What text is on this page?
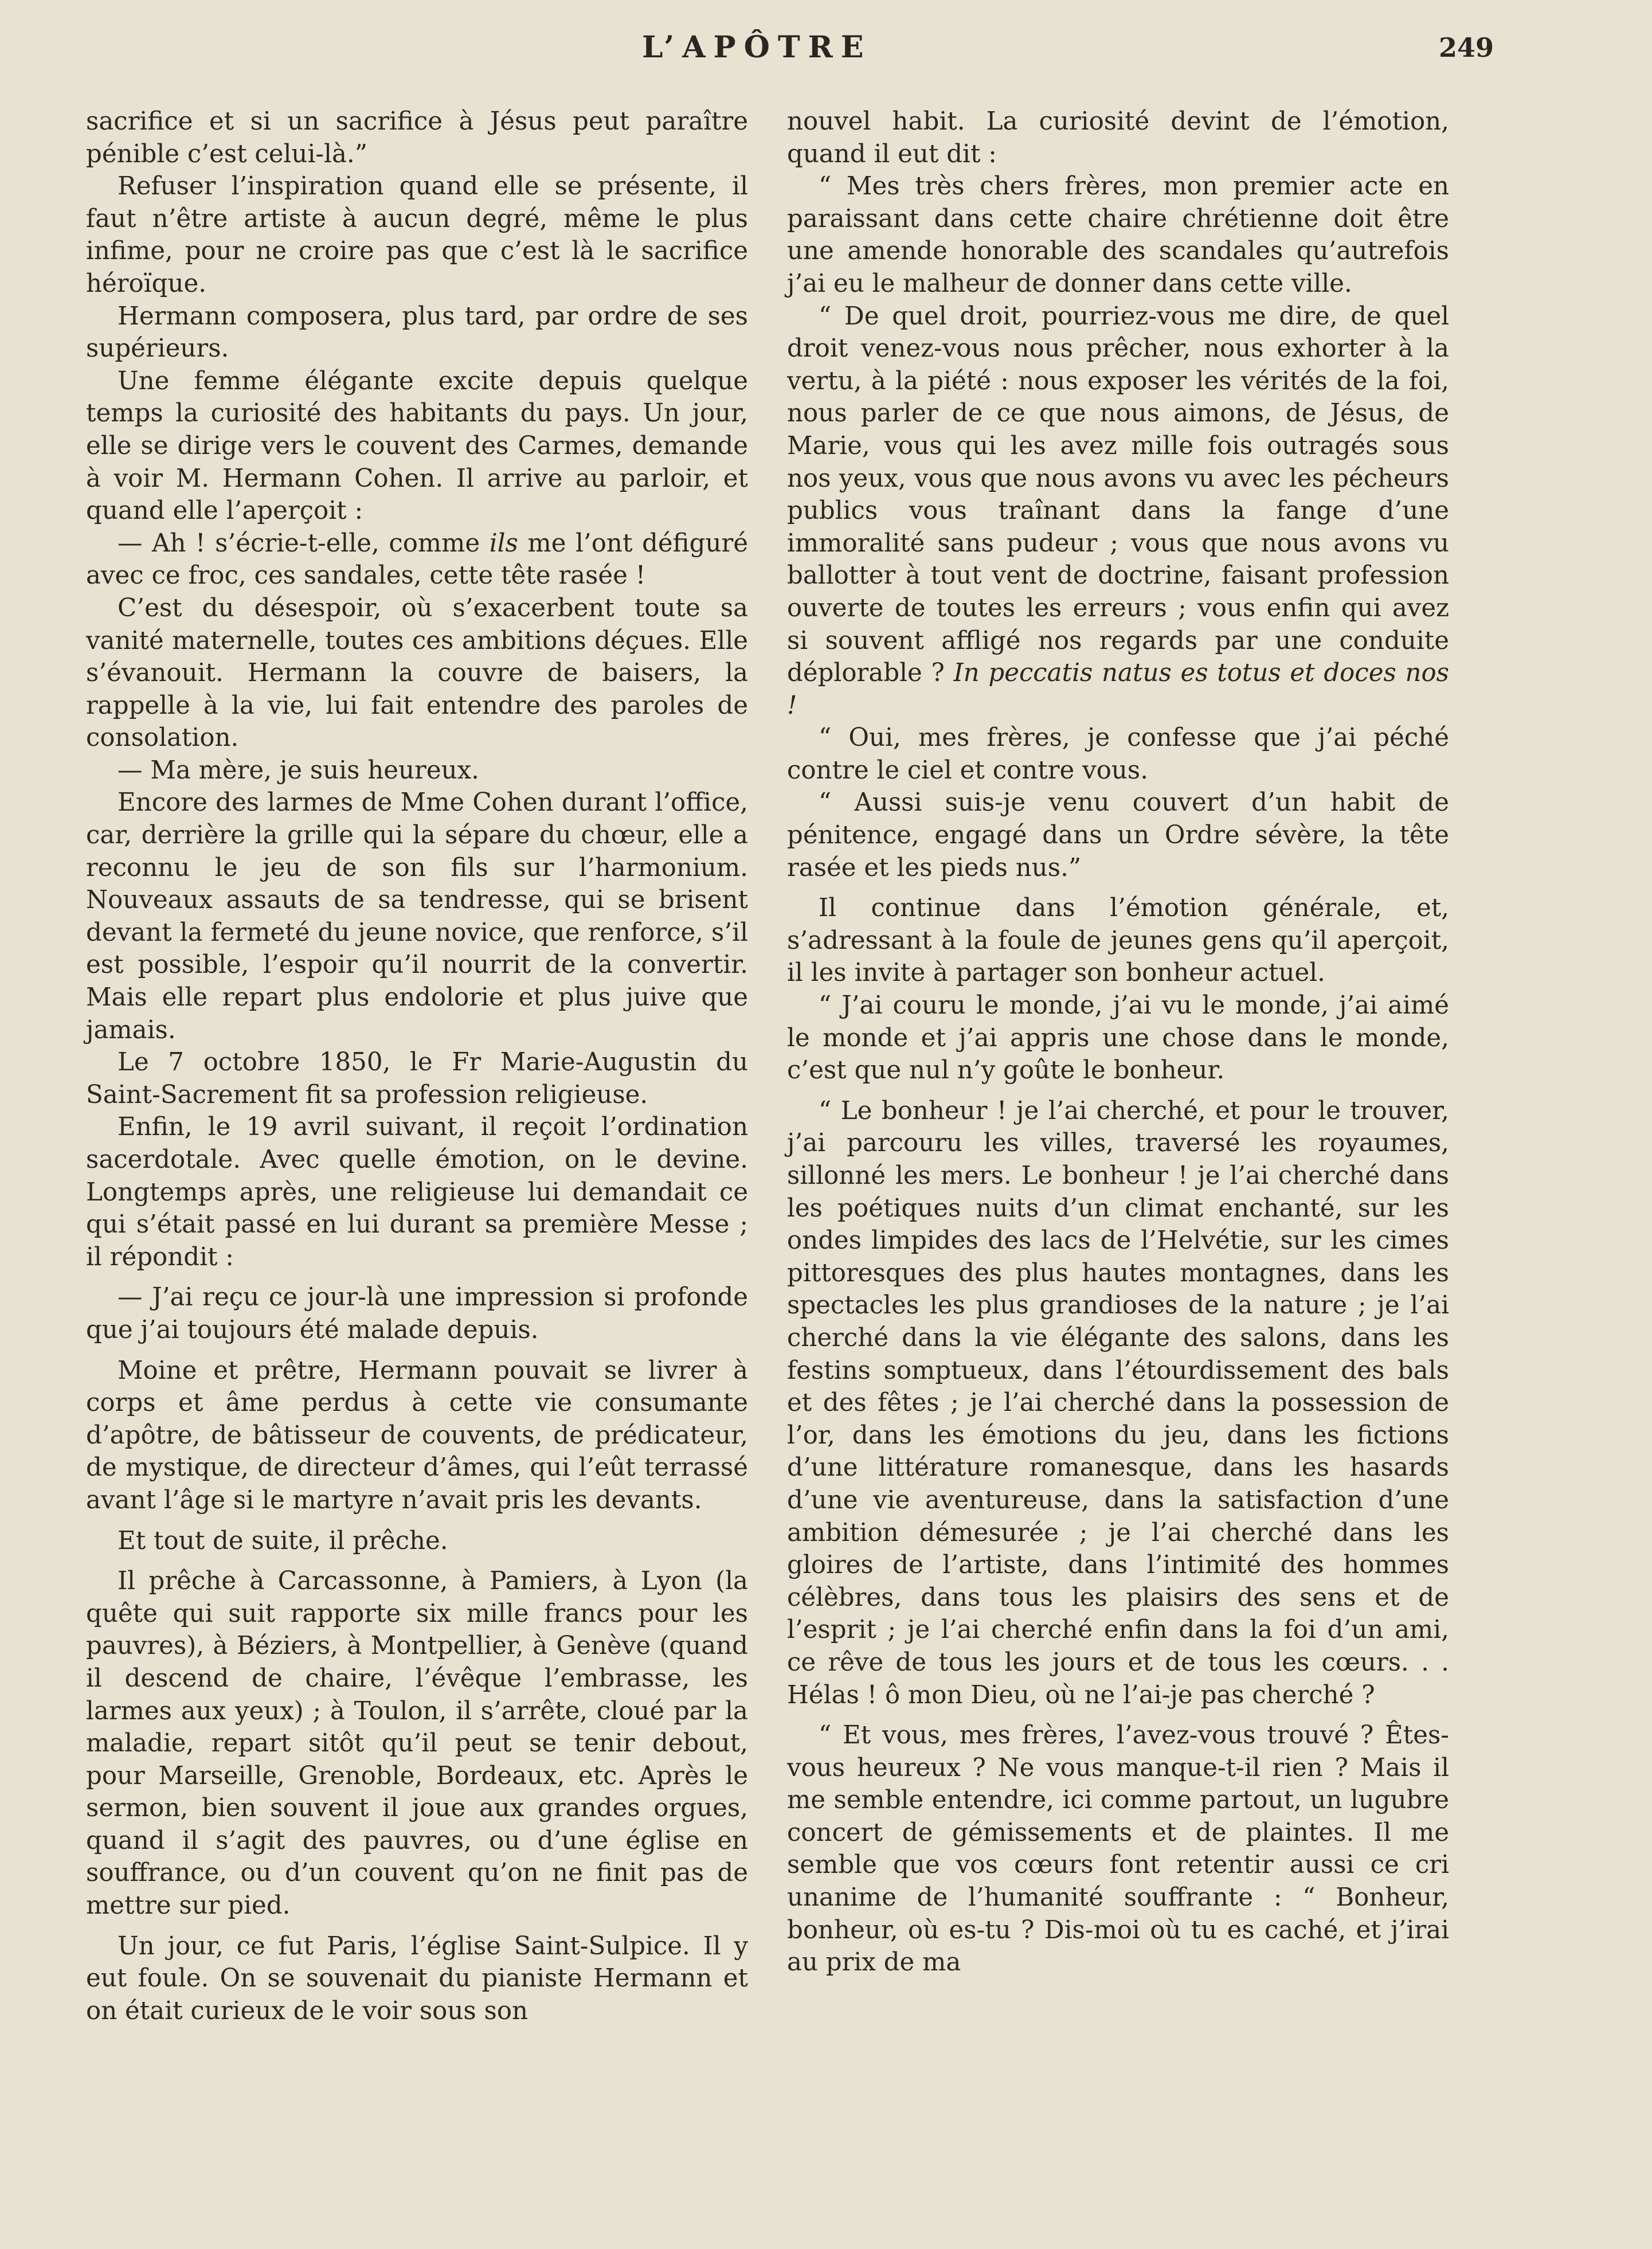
L’APÔTRE	249

sacrifice et si un sacrifice à Jésus peut paraître pénible c’est celui-là.”

Refuser l’inspiration quand elle se présente, il faut n’être artiste à aucun degré, même le plus infime, pour ne croire pas que c’est là le sacrifice héroïque.

Hermann composera, plus tard, par ordre de ses supérieurs.

Une femme élégante excite depuis quelque temps la curiosité des habitants du pays. Un jour, elle se dirige vers le couvent des Carmes, demande à voir M. Hermann Cohen. Il arrive au parloir, et quand elle l’aperçoit :

— Ah ! s’écrie-t-elle, comme ils me l’ont défiguré avec ce froc, ces sandales, cette tête rasée !

C’est du désespoir, où s’exacerbent toute sa vanité maternelle, toutes ces ambitions déçues. Elle s’évanouit. Hermann la couvre de baisers, la rappelle à la vie, lui fait entendre des paroles de consolation.

— Ma mère, je suis heureux.

Encore des larmes de Mme Cohen durant l’office, car, derrière la grille qui la sépare du chœur, elle a reconnu le jeu de son fils sur l’harmonium. Nouveaux assauts de sa tendresse, qui se brisent devant la fermeté du jeune novice, que renforce, s’il est possible, l’espoir qu’il nourrit de la convertir. Mais elle repart plus endolorie et plus juive que jamais.

Le 7 octobre 1850, le Fr Marie-Augustin du Saint-Sacrement fit sa profession religieuse.

Enfin, le 19 avril suivant, il reçoit l’ordination sacerdotale. Avec quelle émotion, on le devine. Longtemps après, une religieuse lui demandait ce qui s’était passé en lui durant sa première Messe ; il répondit :

— J’ai reçu ce jour-là une impression si profonde que j’ai toujours été malade depuis.

Moine et prêtre, Hermann pouvait se livrer à corps et âme perdus à cette vie consumante d’apôtre, de bâtisseur de couvents, de prédicateur, de mystique, de directeur d’âmes, qui l’eût terrassé avant l’âge si le martyre n’avait pris les devants.

Et tout de suite, il prêche.

Il prêche à Carcassonne, à Pamiers, à Lyon (la quête qui suit rapporte six mille francs pour les pauvres), à Béziers, à Montpellier, à Genève (quand il descend de chaire, l’évêque l’embrasse, les larmes aux yeux) ; à Toulon, il s’arrête, cloué par la maladie, repart sitôt qu’il peut se tenir debout, pour Marseille, Grenoble, Bordeaux, etc. Après le sermon, bien souvent il joue aux grandes orgues, quand il s’agit des pauvres, ou d’une église en souffrance, ou d’un couvent qu’on ne finit pas de mettre sur pied.

Un jour, ce fut Paris, l’église Saint-Sulpice. Il y eut foule. On se souvenait du pianiste Hermann et on était curieux de le voir sous son

nouvel habit. La curiosité devint de l’émotion, quand il eut dit :

“ Mes très chers frères, mon premier acte en paraissant dans cette chaire chrétienne doit être une amende honorable des scandales qu’autrefois j’ai eu le malheur de donner dans cette ville.

“ De quel droit, pourriez-vous me dire, de quel droit venez-vous nous prêcher, nous exhorter à la vertu, à la piété : nous exposer les vérités de la foi, nous parler de ce que nous aimons, de Jésus, de Marie, vous qui les avez mille fois outragés sous nos yeux, vous que nous avons vu avec les pécheurs publics vous traînant dans la fange d’une immoralité sans pudeur ; vous que nous avons vu ballotter à tout vent de doctrine, faisant profession ouverte de toutes les erreurs ; vous enfin qui avez si souvent affligé nos regards par une conduite déplorable ? In peccatis natus es totus et doces nos !

“ Oui, mes frères, je confesse que j’ai péché contre le ciel et contre vous.

“ Aussi suis-je venu couvert d’un habit de pénitence, engagé dans un Ordre sévère, la tête rasée et les pieds nus.”

Il continue dans l’émotion générale, et, s’adressant à la foule de jeunes gens qu’il aperçoit, il les invite à partager son bonheur actuel.

“ J’ai couru le monde, j’ai vu le monde, j’ai aimé le monde et j’ai appris une chose dans le monde, c’est que nul n’y goûte le bonheur.

“ Le bonheur ! je l’ai cherché, et pour le trouver, j’ai parcouru les villes, traversé les royaumes, sillonné les mers. Le bonheur ! je l’ai cherché dans les poétiques nuits d’un climat enchanté, sur les ondes limpides des lacs de l’Helvétie, sur les cimes pittoresques des plus hautes montagnes, dans les spectacles les plus grandioses de la nature ; je l’ai cherché dans la vie élégante des salons, dans les festins somptueux, dans l’étourdissement des bals et des fêtes ; je l’ai cherché dans la possession de l’or, dans les émotions du jeu, dans les fictions d’une littérature romanesque, dans les hasards d’une vie aventureuse, dans la satisfaction d’une ambition démesurée ; je l’ai cherché dans les gloires de l’artiste, dans l’intimité des hommes célèbres, dans tous les plaisirs des sens et de l’esprit ; je l’ai cherché enfin dans la foi d’un ami, ce rêve de tous les jours et de tous les cœurs. . . Hélas ! ô mon Dieu, où ne l’ai-je pas cherché ?

“ Et vous, mes frères, l’avez-vous trouvé ? Êtes-vous heureux ? Ne vous manque-t-il rien ? Mais il me semble entendre, ici comme partout, un lugubre concert de gémissements et de plaintes. Il me semble que vos cœurs font retentir aussi ce cri unanime de l’humanité souffrante : “ Bonheur, bonheur, où es-tu ? Dis-moi où tu es caché, et j’irai au prix de ma
